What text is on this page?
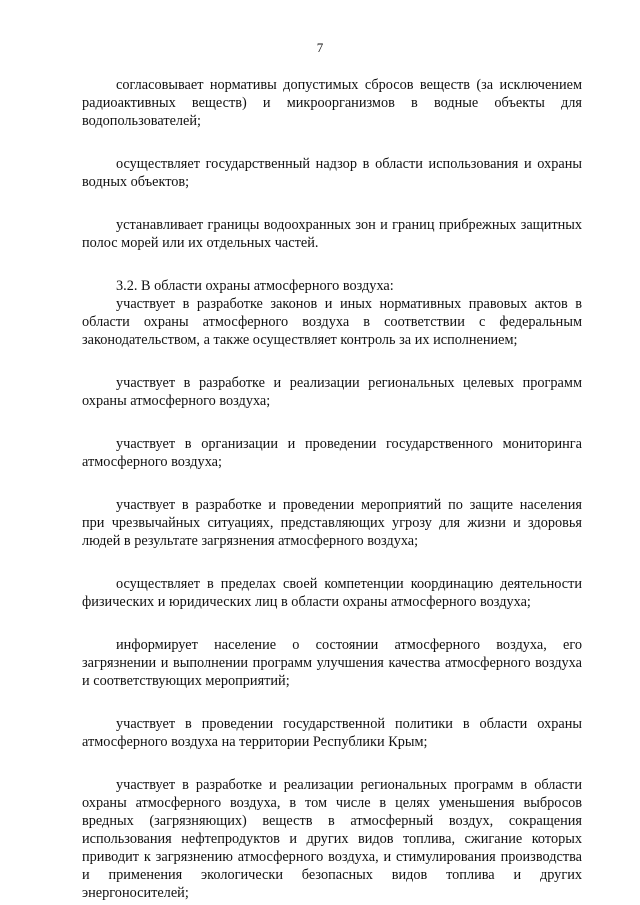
7

согласовывает нормативы допустимых сбросов веществ (за исключением радиоактивных веществ) и микроорганизмов в водные объекты для водопользователей;

осуществляет государственный надзор в области использования и охраны водных объектов;

устанавливает границы водоохранных зон и границ прибрежных защитных полос морей или их отдельных частей.

3.2. В области охраны атмосферного воздуха:

участвует в разработке законов и иных нормативных правовых актов в области охраны атмосферного воздуха в соответствии с федеральным законодательством, а также осуществляет контроль за их исполнением;

участвует в разработке и реализации региональных целевых программ охраны атмосферного воздуха;

участвует в организации и проведении государственного мониторинга атмосферного воздуха;

участвует в разработке и проведении мероприятий по защите населения при чрезвычайных ситуациях, представляющих угрозу для жизни и здоровья людей в результате загрязнения атмосферного воздуха;

осуществляет в пределах своей компетенции координацию деятельности физических и юридических лиц в области охраны атмосферного воздуха;

информирует население о состоянии атмосферного воздуха, его загрязнении и выполнении программ улучшения качества атмосферного воздуха и соответствующих мероприятий;

участвует в проведении государственной политики в области охраны атмосферного воздуха на территории Республики Крым;

участвует в разработке и реализации региональных программ в области охраны атмосферного воздуха, в том числе в целях уменьшения выбросов вредных (загрязняющих) веществ в атмосферный воздух, сокращения использования нефтепродуктов и других видов топлива, сжигание которых приводит к загрязнению атмосферного воздуха, и стимулирования производства и применения экологически безопасных видов топлива и других энергоносителей;
